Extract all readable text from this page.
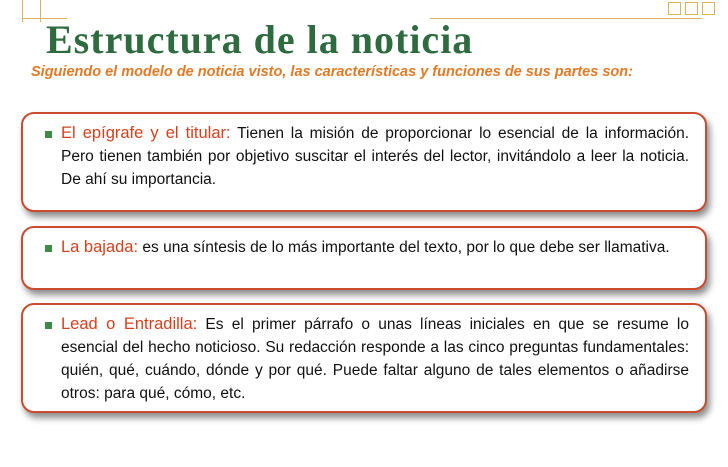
Estructura de la noticia

Siguiendo el modelo de noticia visto, las características y funciones de sus partes son:

El epígrafe y el titular: Tienen la misión de proporcionar lo esencial de la información. Pero tienen también por objetivo suscitar el interés del lector, invitándolo a leer la noticia. De ahí su importancia.

La bajada: es una síntesis de lo más importante del texto, por lo que debe ser llamativa.

Lead o Entradilla: Es el primer párrafo o unas líneas iniciales en que se resume lo esencial del hecho noticioso. Su redacción responde a las cinco preguntas fundamentales: quién, qué, cuándo, dónde y por qué. Puede faltar alguno de tales elementos o añadirse otros: para qué, cómo, etc.
